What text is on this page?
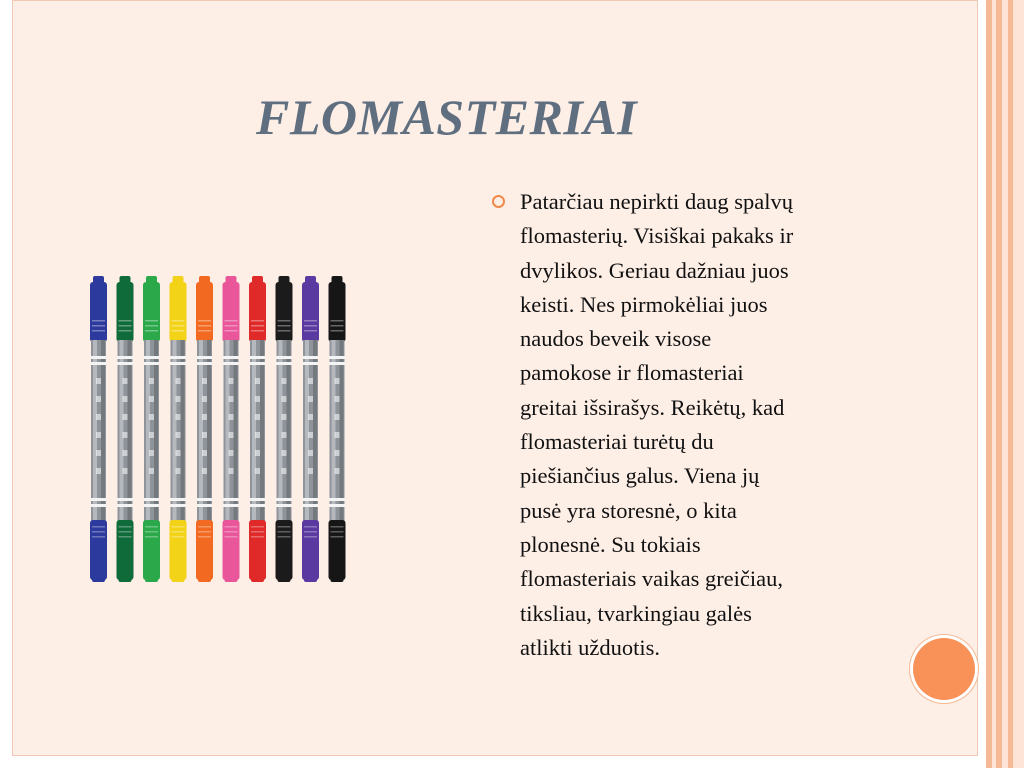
FLOMASTERIAI
Patarčiau nepirkti daug spalvų
flomasterių. Visiškai pakaks ir
dvylikos. Geriau dažniau juos
keisti. Nes pirmokėliai juos
naudos beveik visose
pamokose ir flomasteriai
greitai išsirašys. Reikėtų, kad
flomasteriai turėtų du
piešiančius galus. Viena jų
pusė yra storesnė, o kita
plonesnė. Su tokiais
flomasteriais vaikas greičiau,
tiksliau, tvarkingiau galės
atlikti užduotis.
